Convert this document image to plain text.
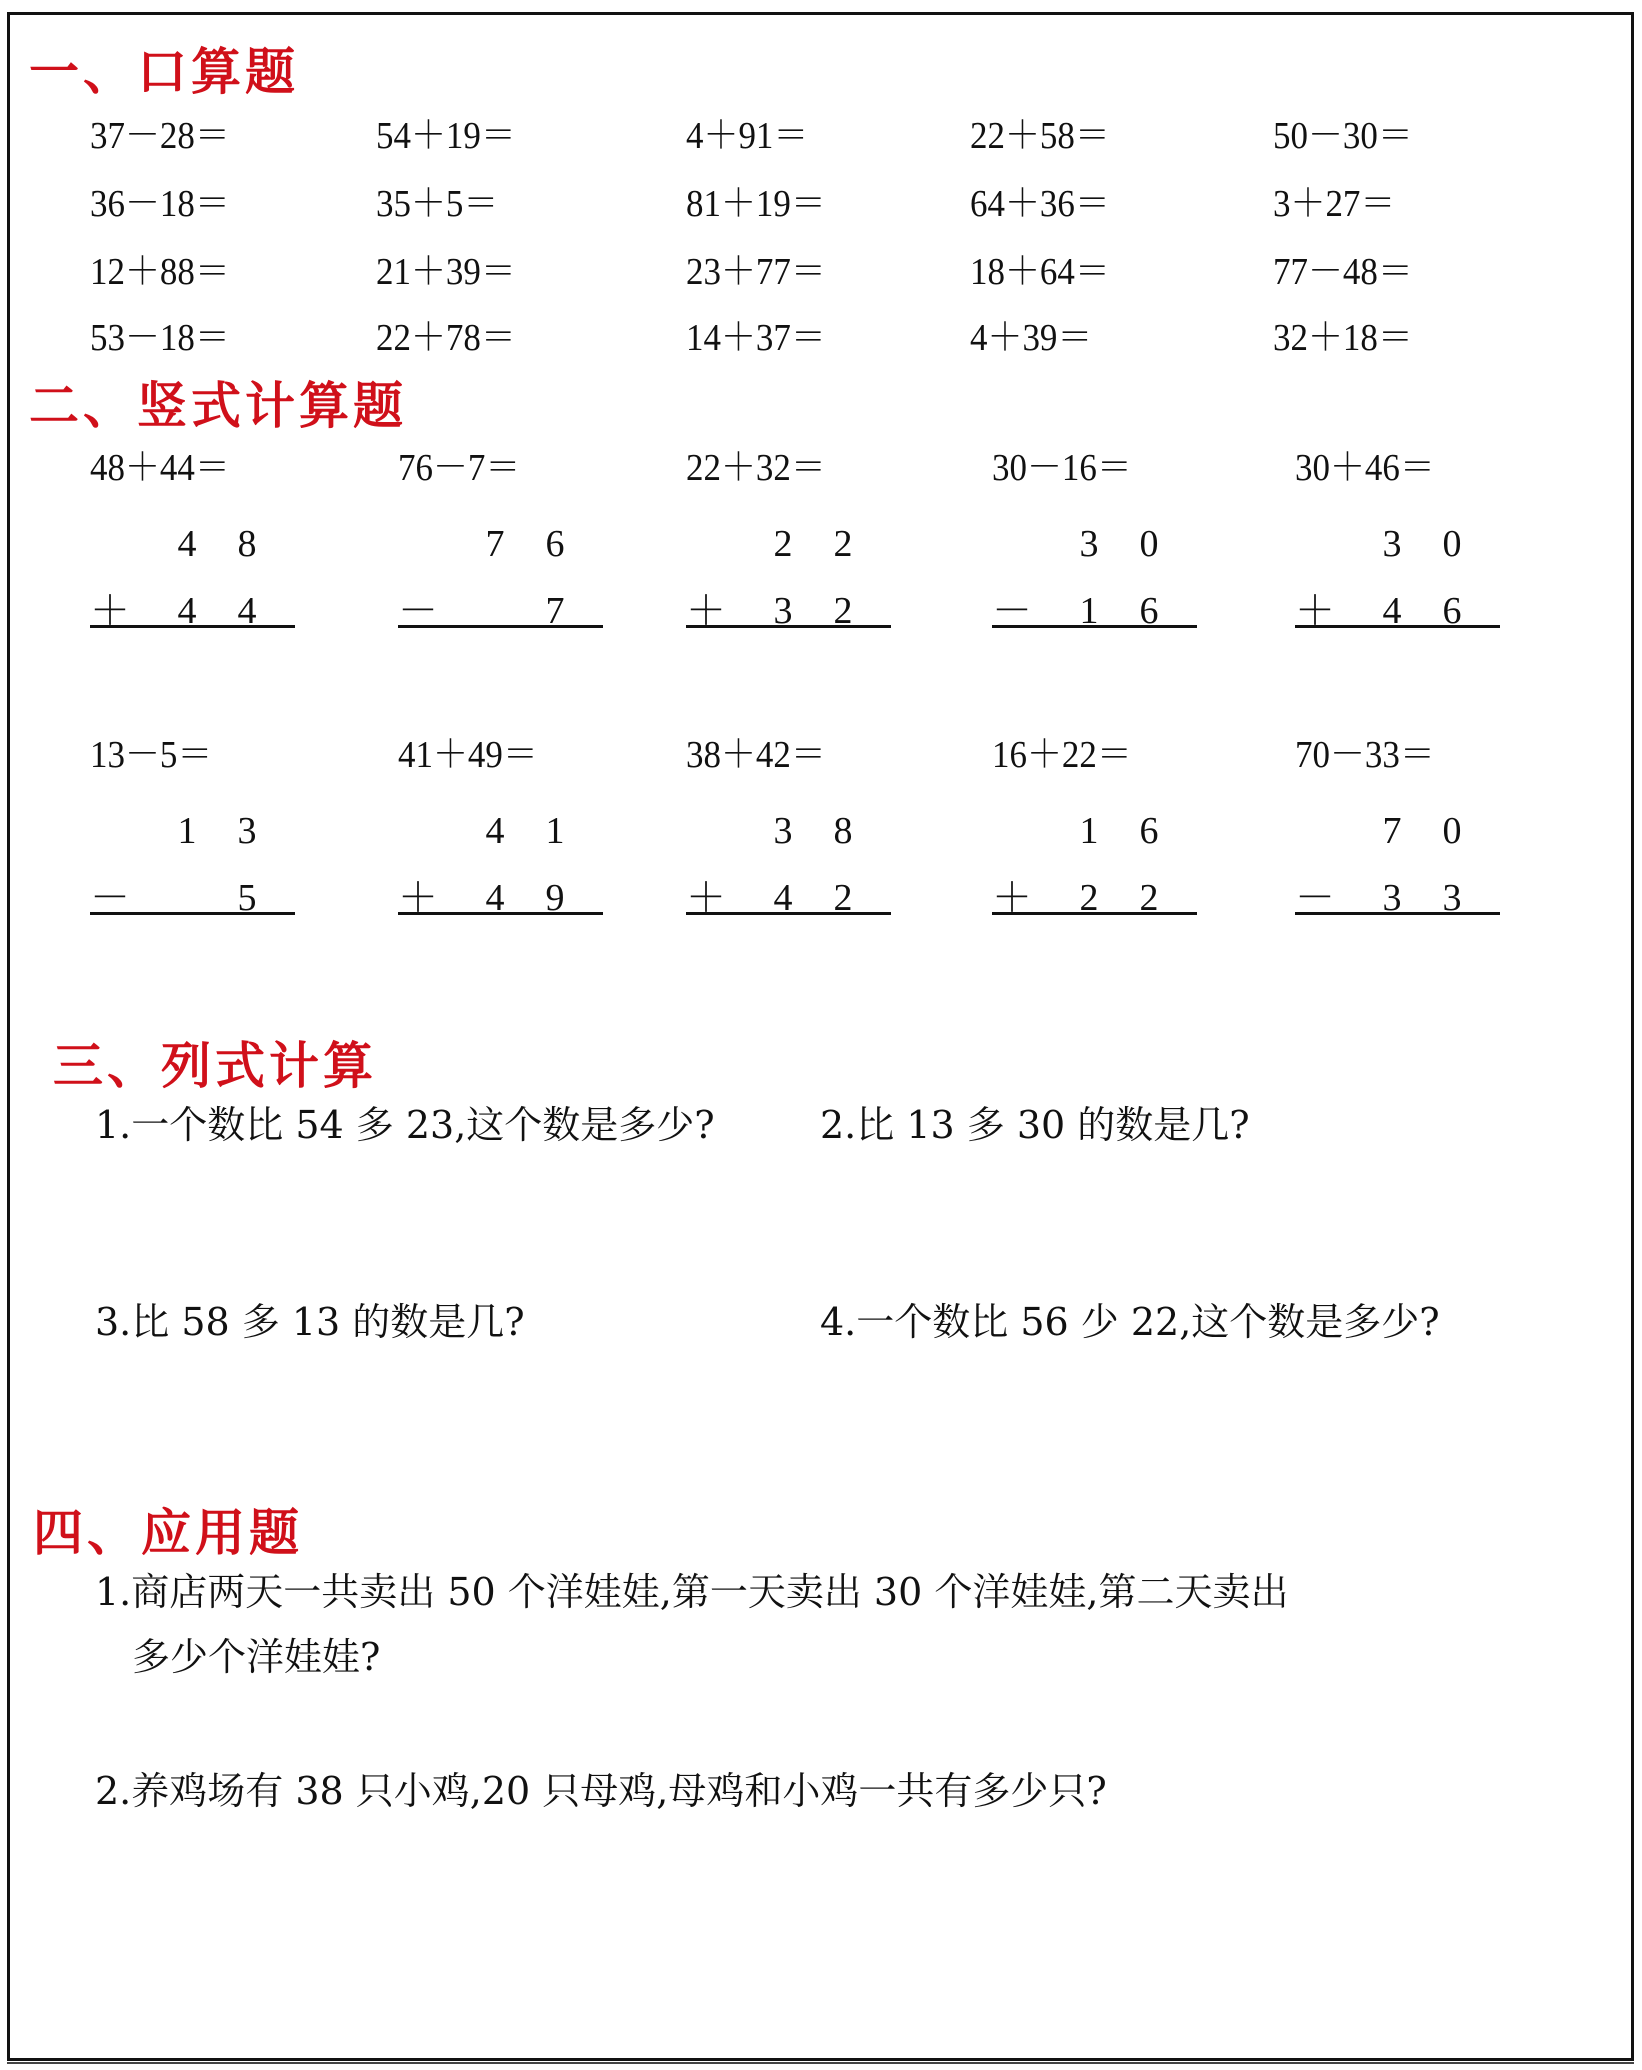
一、口算题
37－28＝	54＋19＝	4＋91＝	22＋58＝	50－30＝
36－18＝	35＋5＝	81＋19＝	64＋36＝	3＋27＝
12＋88＝	21＋39＝	23＋77＝	18＋64＝	77－48＝
53－18＝	22＋78＝	14＋37＝	4＋39＝	32＋18＝
二、竖式计算题
48＋44＝
4 8
＋ 4 4
76－7＝
7 6
－	7
22＋32＝
2 2
＋ 3 2
30－16＝
3 0
－ 1 6
30＋46＝
3 0
＋ 4 6
13－5＝
1 3
－	5
41＋49＝
4 1
＋ 4 9
38＋42＝
3 8
＋ 4 2
16＋22＝
1 6
＋ 2 2
70－33＝
7 0
－ 3 3
三、列式计算
1.一个数比 54 多 23,这个数是多少?	2.比 13 多 30 的数是几?
3.比 58 多 13 的数是几?	4.一个数比 56 少 22,这个数是多少?
四、应用题
1.商店两天一共卖出 50 个洋娃娃,第一天卖出 30 个洋娃娃,第二天卖出
多少个洋娃娃?
2.养鸡场有 38 只小鸡,20 只母鸡,母鸡和小鸡一共有多少只?
